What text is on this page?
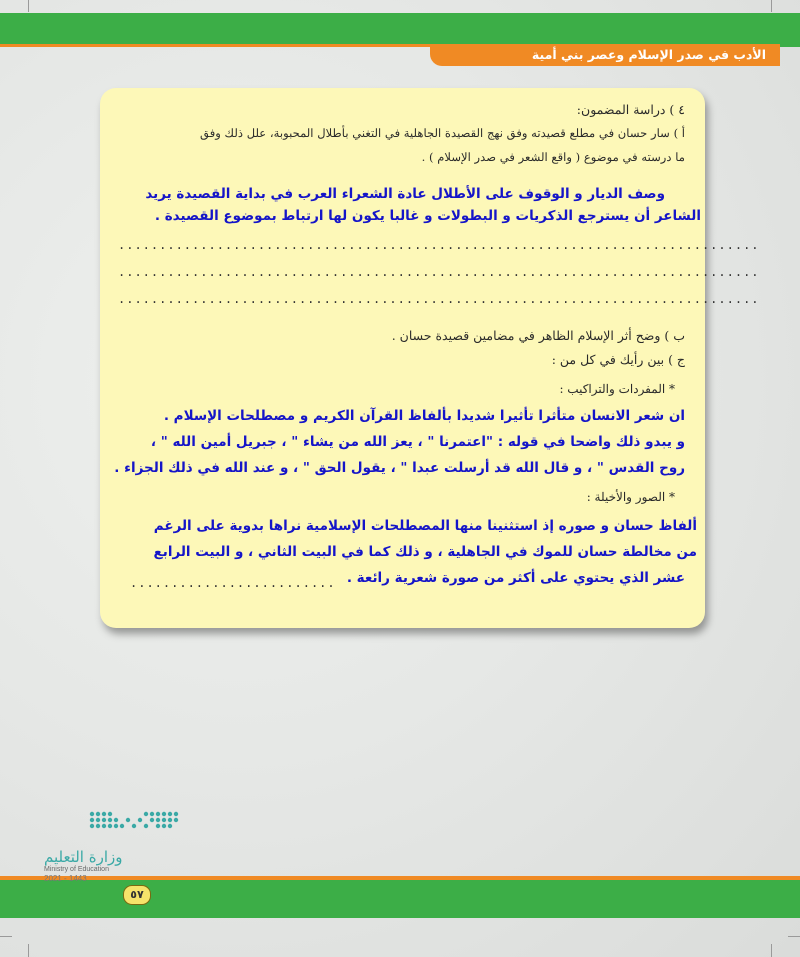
الأدب في صدر الإسلام وعصر بني أمية
٤ ) دراسة المضمون:
أ ) سار حسان في مطلع قصيدته وفق نهج القصيدة الجاهلية في التغني بأطلال المحبوبة، علل ذلك وفق
ما درسته في موضوع ( واقع الشعر في صدر الإسلام ) .
وصف الديار و الوقوف على الأطلال عادة الشعراء العرب في بداية القصيدة يريد
الشاعر أن يسترجع الذكريات و البطولات و غالبا يكون لها ارتباط بموضوع القصيدة .
..............................................................................
..............................................................................
..............................................................................
ب ) وضح أثر الإسلام الظاهر في مضامين قصيدة حسان .
ج ) بين رأيك في كل من :
* المفردات والتراكيب :
ان شعر الانسان متأثرا تأثيرا شديدا بألفاظ القرآن الكريم و مصطلحات الإسلام .
و يبدو ذلك واضحا في قوله : "اعتمرنا " ، يعز الله من يشاء " ، جبريل أمين الله " ،
روح القدس " ، و قال الله قد أرسلت عبدا " ، يقول الحق " ، و عند الله في ذلك الجزاء .
* الصور والأخيلة :
ألفاظ حسان و صوره إذ استثنينا منها المصطلحات الإسلامية نراها بدوية على الرغم
من مخالطة حسان للموك في الجاهلية ، و ذلك كما في البيت الثاني ، و البيت الرابع
عشر الذي يحتوي على أكثر من صورة شعرية رائعة .
.........................
وزارة التعليم
Ministry of Education
2021 - 1443
٥٧
